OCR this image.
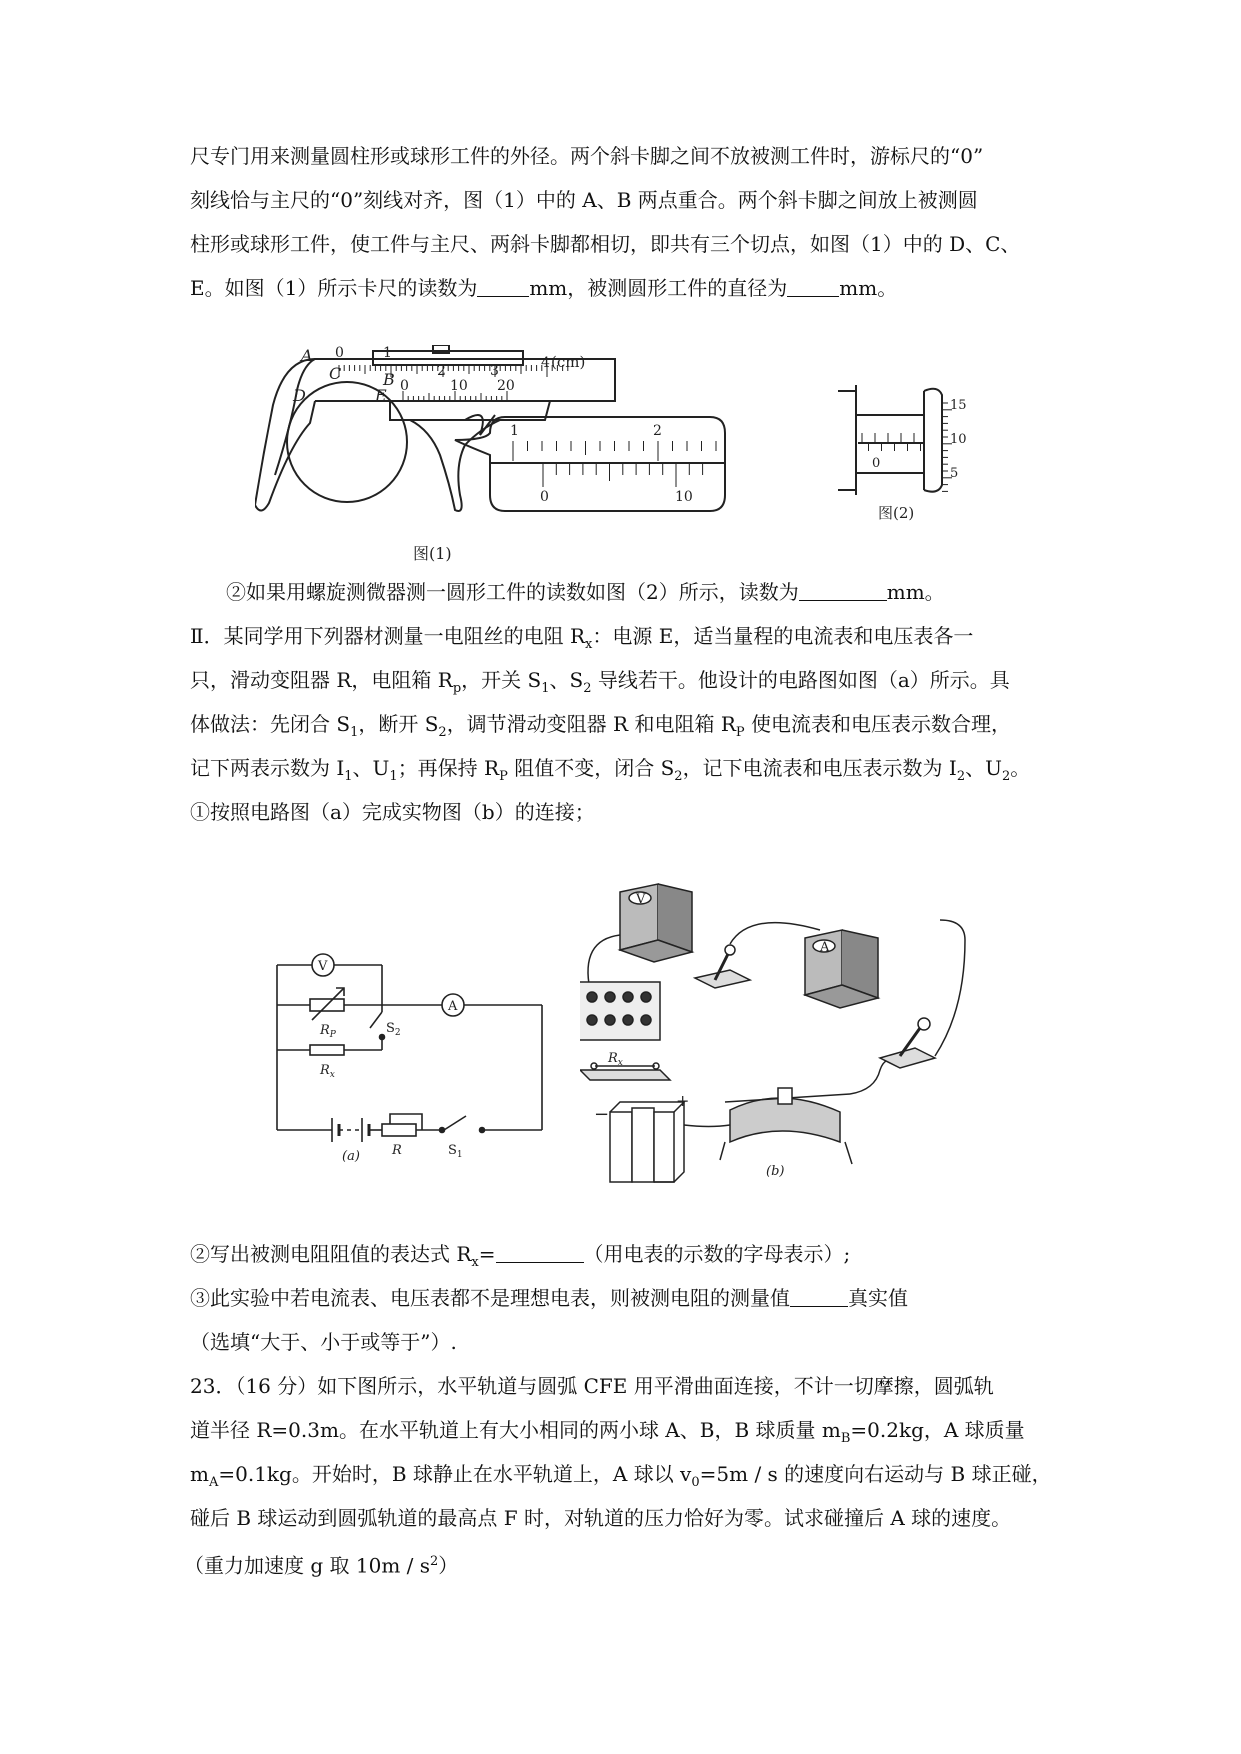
尺专门用来测量圆柱形或球形工件的外径。两个斜卡脚之间不放被测工件时，游标尺的“0”
刻线恰与主尺的“0”刻线对齐，图（1）中的 A、B 两点重合。两个斜卡脚之间放上被测圆
柱形或球形工件，使工件与主尺、两斜卡脚都相切，即共有三个切点，如图（1）中的 D、C、
E。如图（1）所示卡尺的读数为	mm，被测圆形工件的直径为	mm。
0	1
2	3	4 (cm)
0	10 20
1	2
0	10
A
B
C
D	E
图(1)
15
10
5
0
图(2)
②如果用螺旋测微器测一圆形工件的读数如图（2）所示，读数为	mm。
Ⅱ．某同学用下列器材测量一电阻丝的电阻 $R_x$：电源 E，适当量程的电流表和电压表各一
只，滑动变阻器 R，电阻箱 $R_p$，开关 $S_1$、$S_2$ 导线若干。他设计的电路图如图（a）所示。具
体做法：先闭合 $S_1$，断开 $S_2$，调节滑动变阻器 R 和电阻箱 $R_P$ 使电流表和电压表示数合理，
记下两表示数为 $I_1$、$U_1$；再保持 $R_P$ 阻值不变，闭合 $S_2$，记下电流表和电压表示数为 $I_2$、$U_2$。
①按照电路图（a）完成实物图（b）的连接；
V
A
$R_P$	$S_2$
$R_x$
R	$S_1$
(a)
V
A
$R_x$
−
+
(b)
②写出被测电阻阻值的表达式 $R_x=$	（用电表的示数的字母表示）;
③此实验中若电流表、电压表都不是理想电表，则被测电阻的测量值	真实值
（选填“大于、小于或等于”）.
23．（16 分）如下图所示，水平轨道与圆弧 CFE 用平滑曲面连接，不计一切摩擦，圆弧轨
道半径 R=0.3m。在水平轨道上有大小相同的两小球 A、B，B 球质量 $m_B=0.2kg$，A 球质量
$m_A=0.1kg$。开始时，B 球静止在水平轨道上，A 球以 $v_0=5m / s$ 的速度向右运动与 B 球正碰，
碰后 B 球运动到圆弧轨道的最高点 F 时，对轨道的压力恰好为零。试求碰撞后 A 球的速度。
（重力加速度 g 取 $10m / s^2$）
